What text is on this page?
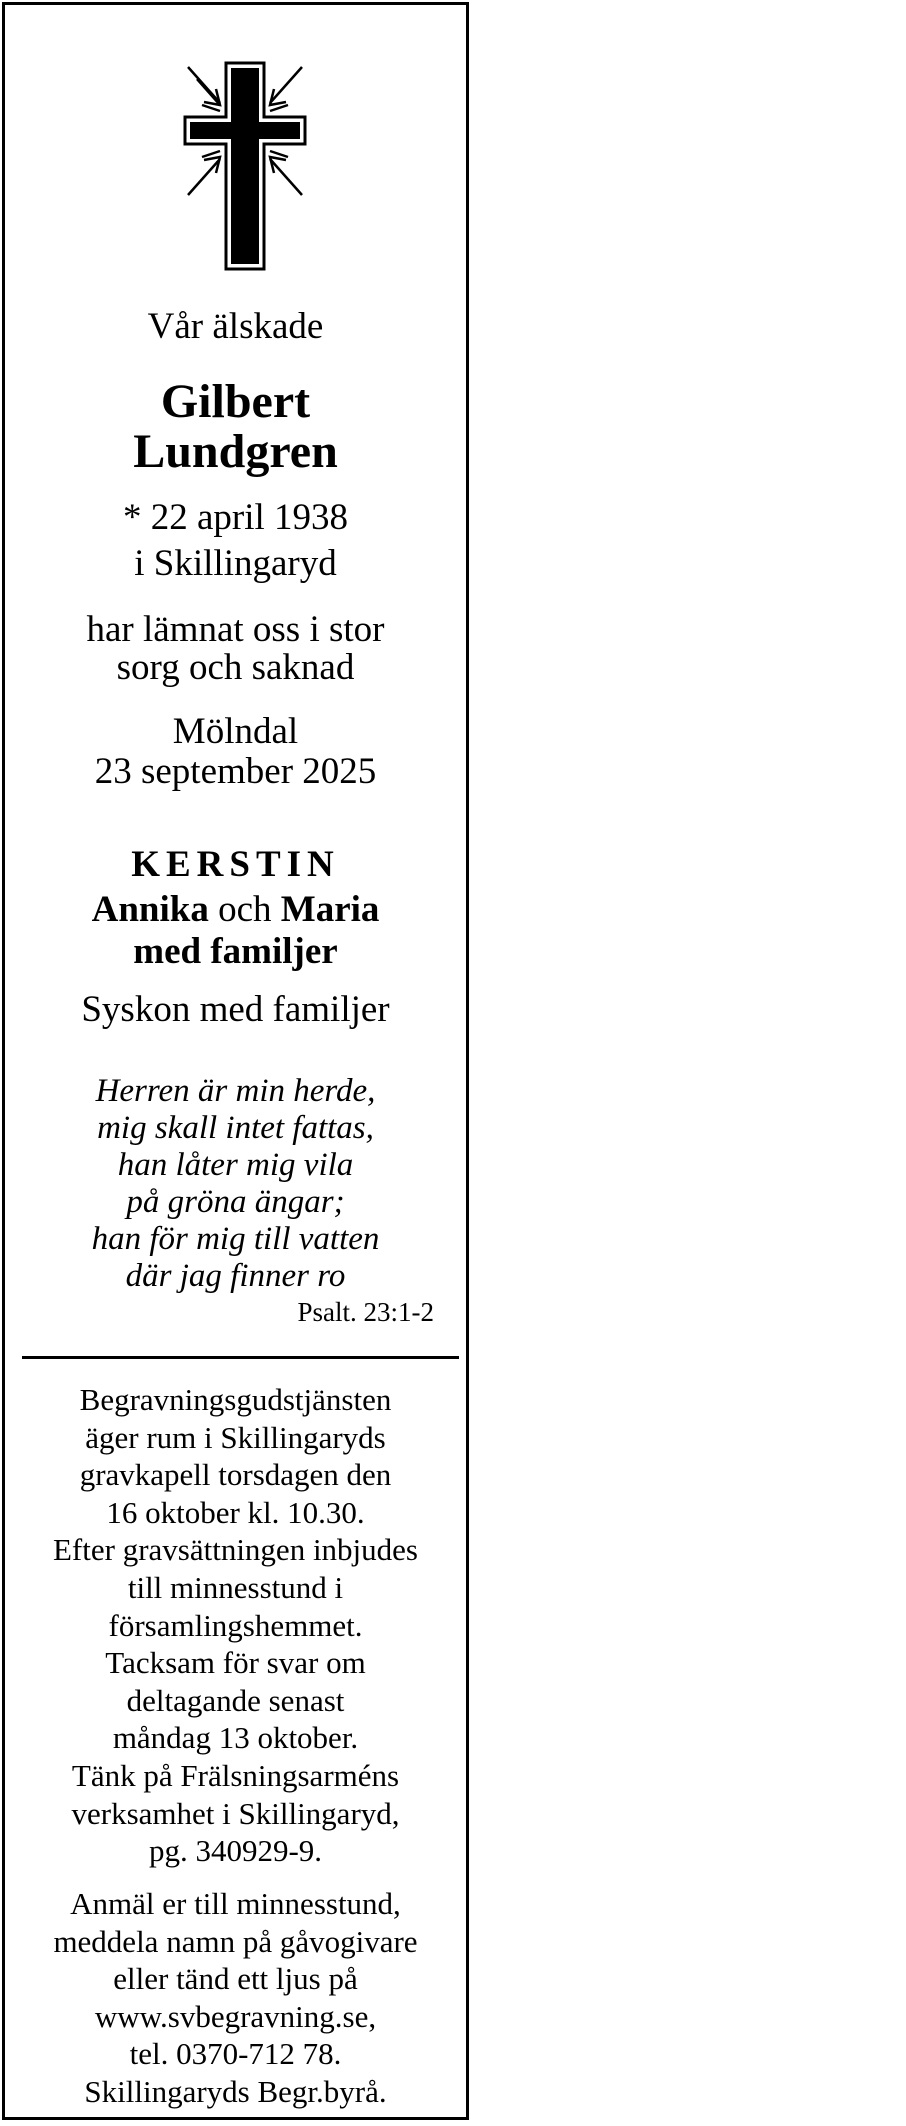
Vår älskade
Gilbert
Lundgren
* 22 april 1938
i Skillingaryd
har lämnat oss i stor
sorg och saknad
Mölndal
23 september 2025
KERSTIN
Annika och Maria
med familjer
Syskon med familjer
Herren är min herde,
mig skall intet fattas,
han låter mig vila
på gröna ängar;
han för mig till vatten
där jag finner ro
Psalt. 23:1-2
Begravningsgudstjänsten
äger rum i Skillingaryds
gravkapell torsdagen den
16 oktober kl. 10.30.
Efter gravsättningen inbjudes
till minnesstund i
församlingshemmet.
Tacksam för svar om
deltagande senast
måndag 13 oktober.
Tänk på Frälsningsarméns
verksamhet i Skillingaryd,
pg. 340929-9.
Anmäl er till minnesstund,
meddela namn på gåvogivare
eller tänd ett ljus på
www.svbegravning.se,
tel. 0370-712 78.
Skillingaryds Begr.byrå.
